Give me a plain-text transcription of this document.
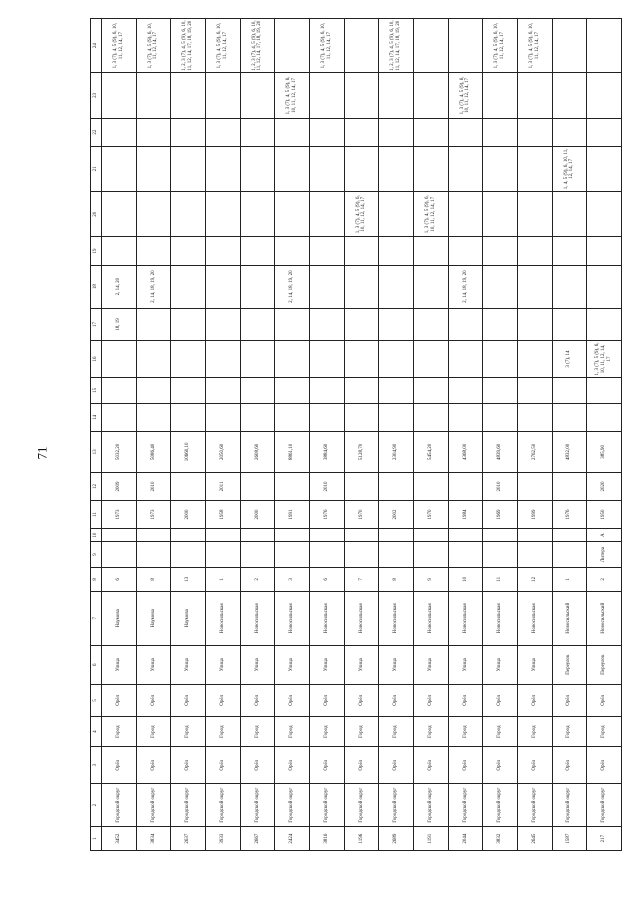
71
1	2	3	4	5	6	7	8	9	10	11	12	13	14	15	16	17	18	19	20	21	22	23	24
3452	Городской округ	Орёл	Город	Орёл	Улица	Наумова	6			1973	2009	5032,20				18, 19	2, 14, 20						1, 3 (7), 4, 5 (9), 6, 10, 11, 12, 14, 17
3834	Городской округ	Орёл	Город	Орёл	Улица	Наумова	8			1973	2010	5086,40					2, 14, 18, 19, 20						1, 3 (7), 4, 5 (9), 6, 10, 11, 12, 14, 17
2637	Городской округ	Орёл	Город	Орёл	Улица	Наумова	13			2000		10660,10											1, 2, 3 (7), 4, 5 (9), 6, 10, 11, 12, 14, 17, 18, 19, 20
3933	Городской округ	Орёл	Город	Орёл	Улица	Новосильская	1			1958	2011	2050,60											1, 3 (7), 4, 5 (9), 6, 10, 11, 12, 14, 17
2667	Городской округ	Орёл	Город	Орёл	Улица	Новосильская	2			2000		2608,60											1, 2, 3 (7), 4, 5 (9), 6, 10, 11, 12, 14, 17, 18, 19, 20
2424	Городской округ	Орёл	Город	Орёл	Улица	Новосильская	3			1991		8861,10					2, 14, 18, 19, 20					1, 3 (7), 4, 5 (9), 6, 10, 11, 12, 14, 17	
3816	Городской округ	Орёл	Город	Орёл	Улица	Новосильская	6			1976	2010	3884,60											1, 3 (7), 4, 5 (9), 6, 10, 11, 12, 14, 17
1196	Городской округ	Орёл	Город	Орёл	Улица	Новосильская	7			1970		5128,70							1, 3 (7), 4, 5 (9), 6, 10, 11, 12, 14, 17				
2689	Городской округ	Орёл	Город	Орёл	Улица	Новосильская	8			2002		2304,90											1, 2, 3 (7), 4, 5 (9), 6, 10, 11, 12, 14, 17, 18, 19, 20
1191	Городской округ	Орёл	Город	Орёл	Улица	Новосильская	9			1970		5454,20							1, 3 (7), 4, 5 (9), 6, 10, 11, 12, 14, 17				
2044	Городской округ	Орёл	Город	Орёл	Улица	Новосильская	10			1984		4368,00					2, 14, 18, 19, 20					1, 3 (7), 4, 5 (9), 6, 10, 11, 12, 14, 17	
3832	Городской округ	Орёл	Город	Орёл	Улица	Новосильская	11			1969	2010	4839,60											1, 3 (7), 4, 5 (9), 6, 10, 11, 12, 14, 17
2645	Городской округ	Орёл	Город	Орёл	Улица	Новосильская	12			1999		2762,50											1, 3 (7), 4, 5 (9), 6, 10, 11, 12, 14, 17
1587	Городской округ	Орёл	Город	Орёл	Переулок	Новосильский	1			1976		4832,00			3 (7), 14					1, 4, 5 (9), 6, 10, 11, 12, 14, 17			
217	Городской округ	Орёл	Город	Орёл	Переулок	Новосильский	2	Литера	А	1950	2020	385,90			1, 3 (7), 5 (9), 6, 10, 11, 12, 14, 17								
